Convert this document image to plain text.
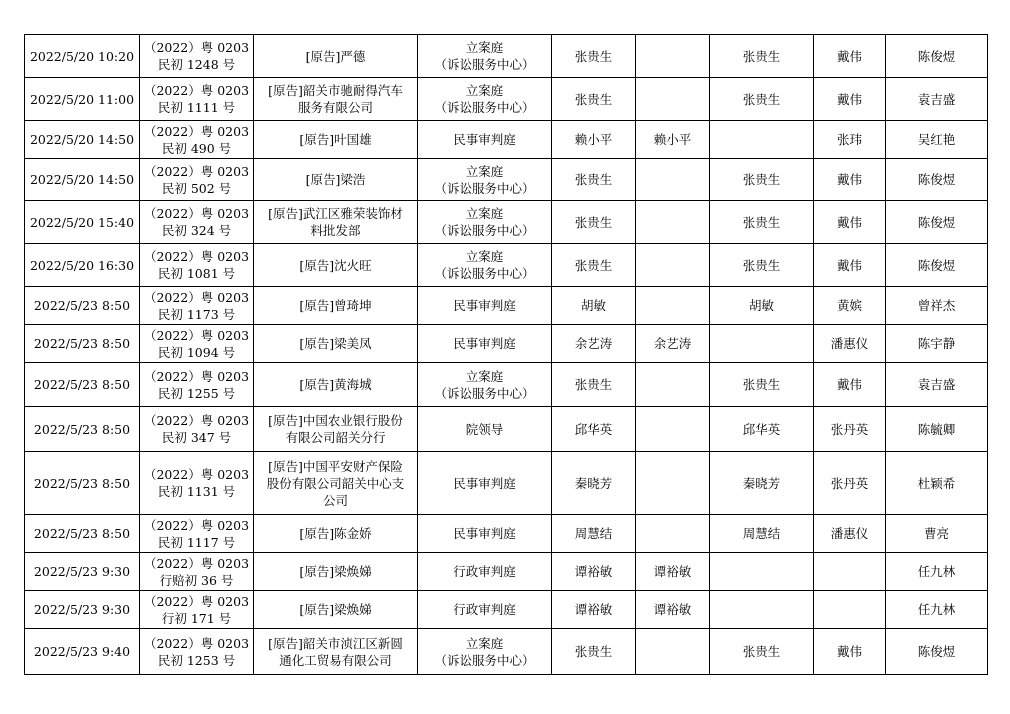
2022/5/20 10:20	（2022）粤 0203
民初 1248 号	[原告]严德	立案庭
（诉讼服务中心）	张贵生		张贵生	戴伟	陈俊煜
2022/5/20 11:00	（2022）粤 0203
民初 1111 号	[原告]韶关市驰耐得汽车
服务有限公司	立案庭
（诉讼服务中心）	张贵生		张贵生	戴伟	袁吉盛
2022/5/20 14:50	（2022）粤 0203
民初 490 号	[原告]叶国雄	民事审判庭	赖小平	赖小平		张玮	吴红艳
2022/5/20 14:50	（2022）粤 0203
民初 502 号	[原告]梁浩	立案庭
（诉讼服务中心）	张贵生		张贵生	戴伟	陈俊煜
2022/5/20 15:40	（2022）粤 0203
民初 324 号	[原告]武江区雅荣装饰材
料批发部	立案庭
（诉讼服务中心）	张贵生		张贵生	戴伟	陈俊煜
2022/5/20 16:30	（2022）粤 0203
民初 1081 号	[原告]沈火旺	立案庭
（诉讼服务中心）	张贵生		张贵生	戴伟	陈俊煜
2022/5/23 8:50	（2022）粤 0203
民初 1173 号	[原告]曾琦坤	民事审判庭	胡敏		胡敏	黄嫔	曾祥杰
2022/5/23 8:50	（2022）粤 0203
民初 1094 号	[原告]梁美凤	民事审判庭	余艺涛	余艺涛		潘惠仪	陈宇静
2022/5/23 8:50	（2022）粤 0203
民初 1255 号	[原告]黄海城	立案庭
（诉讼服务中心）	张贵生		张贵生	戴伟	袁吉盛
2022/5/23 8:50	（2022）粤 0203
民初 347 号	[原告]中国农业银行股份
有限公司韶关分行	院领导	邱华英		邱华英	张丹英	陈毓卿
2022/5/23 8:50	（2022）粤 0203
民初 1131 号	[原告]中国平安财产保险
股份有限公司韶关中心支
公司	民事审判庭	秦晓芳		秦晓芳	张丹英	杜颖希
2022/5/23 8:50	（2022）粤 0203
民初 1117 号	[原告]陈金娇	民事审判庭	周慧结		周慧结	潘惠仪	曹亮
2022/5/23 9:30	（2022）粤 0203
行赔初 36 号	[原告]梁焕娣	行政审判庭	谭裕敏	谭裕敏			任九林
2022/5/23 9:30	（2022）粤 0203
行初 171 号	[原告]梁焕娣	行政审判庭	谭裕敏	谭裕敏			任九林
2022/5/23 9:40	（2022）粤 0203
民初 1253 号	[原告]韶关市浈江区新圆
通化工贸易有限公司	立案庭
（诉讼服务中心）	张贵生		张贵生	戴伟	陈俊煜
